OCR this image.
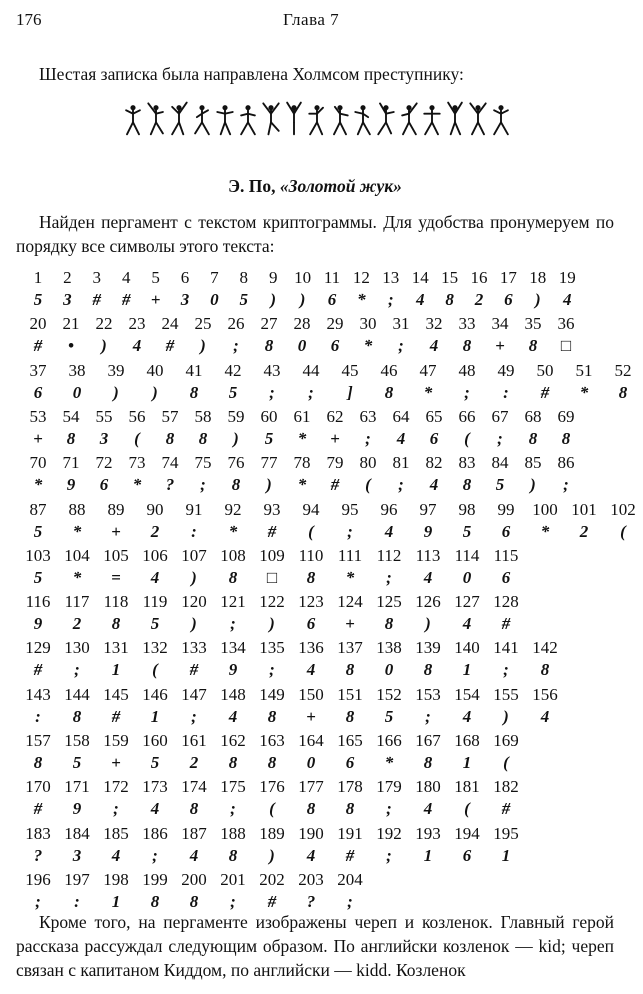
176	Глава 7

Шестая записка была направлена Холмсом преступнику:

Э. По, «Золотой жук»

Найден пергамент с текстом криптограммы. Для удобства пронумеруем по порядку все символы этого текста:

1
5
2
3
3
#
4
#
5
+
6
3
7
0
8
5
9
)
10
)
11
6
12
*
13
;
14
4
15
8
16
2
17
6
18
)
19
4
20
#
21
•
22
)
23
4
24
#
25
)
26
;
27
8
28
0
29
6
30
*
31
;
32
4
33
8
34
+
35
8
36
□
37
6
38
0
39
)
40
)
41
8
42
5
43
;
44
;
45
]
46
8
47
*
48
;
49
:
50
#
51
*
52
8
53
+
54
8
55
3
56
(
57
8
58
8
59
)
60
5
61
*
62
+
63
;
64
4
65
6
66
(
67
;
68
8
69
8
70
*
71
9
72
6
73
*
74
?
75
;
76
8
77
)
78
*
79
#
80
(
81
;
82
4
83
8
84
5
85
)
86
;
87
5
88
*
89
+
90
2
91
:
92
*
93
#
94
(
95
;
96
4
97
9
98
5
99
6
100
*
101
2
102
(
103
5
104
*
105
=
106
4
107
)
108
8
109
□
110
8
111
*
112
;
113
4
114
0
115
6
116
9
117
2
118
8
119
5
120
)
121
;
122
)
123
6
124
+
125
8
126
)
127
4
128
#
129
#
130
;
131
1
132
(
133
#
134
9
135
;
136
4
137
8
138
0
139
8
140
1
141
;
142
8
143
:
144
8
145
#
146
1
147
;
148
4
149
8
150
+
151
8
152
5
153
;
154
4
155
)
156
4
157
8
158
5
159
+
160
5
161
2
162
8
163
8
164
0
165
6
166
*
167
8
168
1
169
(
170
#
171
9
172
;
173
4
174
8
175
;
176
(
177
8
178
8
179
;
180
4
181
(
182
#
183
?
184
3
185
4
186
;
187
4
188
8
189
)
190
4
191
#
192
;
193
1
194
6
195
1
196
;
197
:
198
1
199
8
200
8
201
;
202
#
203
?
204
;

Кроме того, на пергаменте изображены череп и козленок. Главный герой рассказа рассуждал следующим образом. По английски козленок — kid; череп связан с капитаном Киддом, по английски — kidd. Козленок
